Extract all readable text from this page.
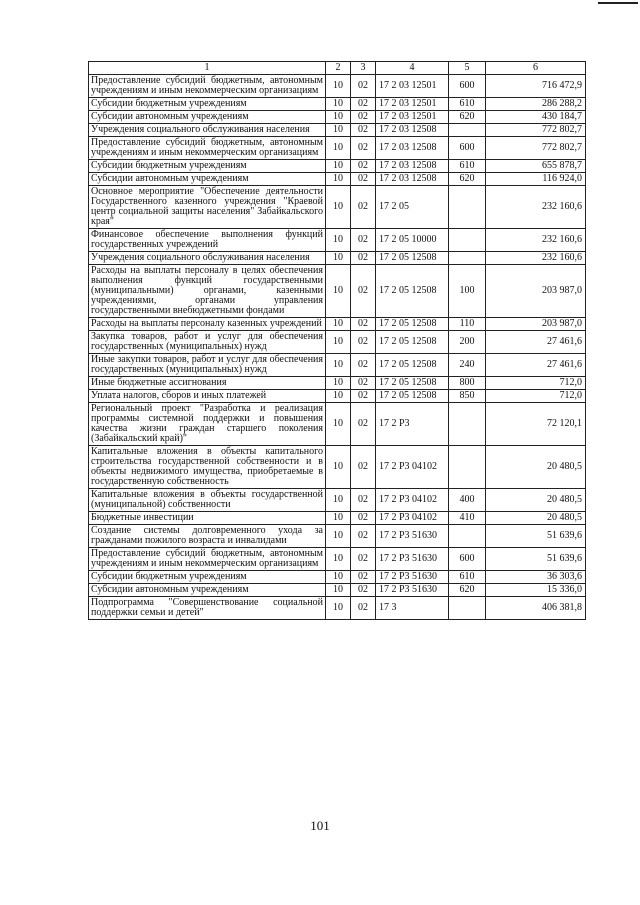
1	2	3	4	5	6
Предоставление субсидий бюджетным, автономным учреждениям и иным некоммерческим организациям	10	02	17 2 03 12501	600	716 472,9
Субсидии бюджетным учреждениям	10	02	17 2 03 12501	610	286 288,2
Субсидии автономным учреждениям	10	02	17 2 03 12501	620	430 184,7
Учреждения социального обслуживания населения	10	02	17 2 03 12508		772 802,7
Предоставление субсидий бюджетным, автономным учреждениям и иным некоммерческим организациям	10	02	17 2 03 12508	600	772 802,7
Субсидии бюджетным учреждениям	10	02	17 2 03 12508	610	655 878,7
Субсидии автономным учреждениям	10	02	17 2 03 12508	620	116 924,0
Основное мероприятие "Обеспечение деятельности Государственного казенного учреждения "Краевой центр социальной защиты населения" Забайкальского края"	10	02	17 2 05		232 160,6
Финансовое обеспечение выполнения функций государственных учреждений	10	02	17 2 05 10000		232 160,6
Учреждения социального обслуживания населения	10	02	17 2 05 12508		232 160,6
Расходы на выплаты персоналу в целях обеспечения выполнения функций государственными (муниципальными) органами, казенными учреждениями, органами управления государственными внебюджетными фондами	10	02	17 2 05 12508	100	203 987,0
Расходы на выплаты персоналу казенных учреждений	10	02	17 2 05 12508	110	203 987,0
Закупка товаров, работ и услуг для обеспечения государственных (муниципальных) нужд	10	02	17 2 05 12508	200	27 461,6
Иные закупки товаров, работ и услуг для обеспечения государственных (муниципальных) нужд	10	02	17 2 05 12508	240	27 461,6
Иные бюджетные ассигнования	10	02	17 2 05 12508	800	712,0
Уплата налогов, сборов и иных платежей	10	02	17 2 05 12508	850	712,0
Региональный проект "Разработка и реализация программы системной поддержки и повышения качества жизни граждан старшего поколения (Забайкальский край)"	10	02	17 2 P3		72 120,1
Капитальные вложения в объекты капитального строительства государственной собственности и в объекты недвижимого имущества, приобретаемые в государственную собственность	10	02	17 2 P3 04102		20 480,5
Капитальные вложения в объекты государственной (муниципальной) собственности	10	02	17 2 P3 04102	400	20 480,5
Бюджетные инвестиции	10	02	17 2 P3 04102	410	20 480,5
Создание системы долговременного ухода за гражданами пожилого возраста и инвалидами	10	02	17 2 P3 51630		51 639,6
Предоставление субсидий бюджетным, автономным учреждениям и иным некоммерческим организациям	10	02	17 2 P3 51630	600	51 639,6
Субсидии бюджетным учреждениям	10	02	17 2 P3 51630	610	36 303,6
Субсидии автономным учреждениям	10	02	17 2 P3 51630	620	15 336,0
Подпрограмма "Совершенствование социальной поддержки семьи и детей"	10	02	17 3		406 381,8
101
